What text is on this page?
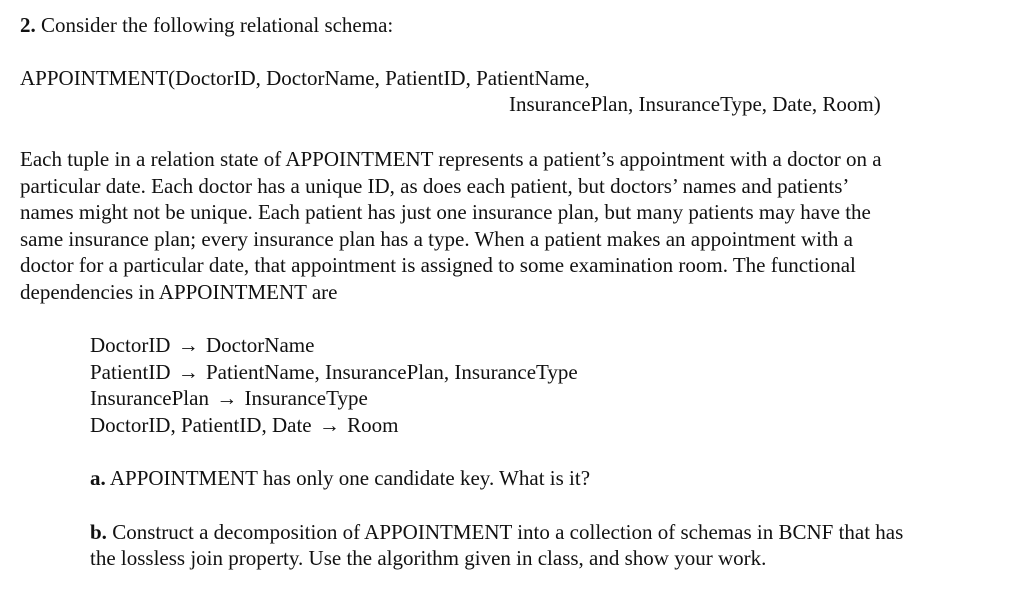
2. Consider the following relational schema:
APPOINTMENT(DoctorID, DoctorName, PatientID, PatientName,
InsurancePlan, InsuranceType, Date, Room)

Each tuple in a relation state of APPOINTMENT represents a patient’s appointment with a doctor on a
particular date. Each doctor has a unique ID, as does each patient, but doctors’ names and patients’
names might not be unique. Each patient has just one insurance plan, but many patients may have the
same insurance plan; every insurance plan has a type. When a patient makes an appointment with a
doctor for a particular date, that appointment is assigned to some examination room. The functional
dependencies in APPOINTMENT are

DoctorID → DoctorName
PatientID → PatientName, InsurancePlan, InsuranceType
InsurancePlan → InsuranceType
DoctorID, PatientID, Date → Room
a. APPOINTMENT has only one candidate key. What is it?
b. Construct a decomposition of APPOINTMENT into a collection of schemas in BCNF that has
the lossless join property. Use the algorithm given in class, and show your work.
